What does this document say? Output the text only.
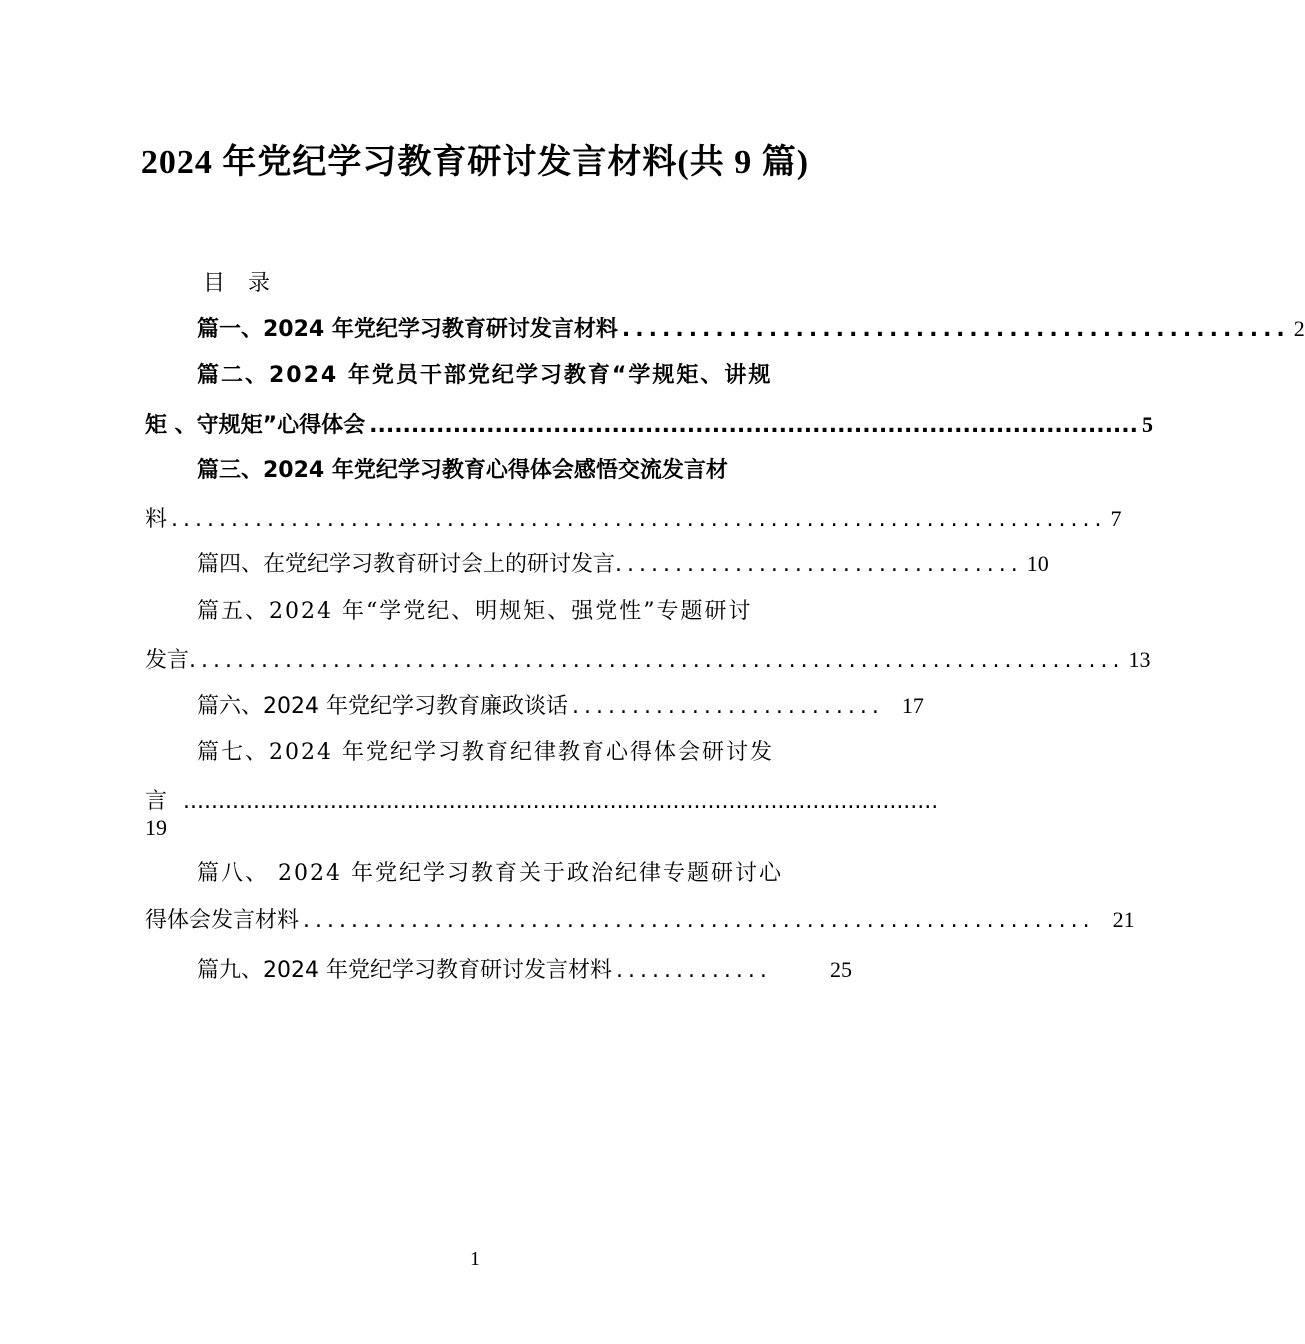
2024 年党纪学习教育研讨发言材料(共 9 篇)
目 录
篇一、2024 年党纪学习教育研讨发言材料 .................................................. 2
篇二、2024 年党员干部党纪学习教育“学规矩、讲规
矩 、守规矩”心得体会 ............................................................................................ 5
篇三、2024 年党纪学习教育心得体会感悟交流发言材
料 .............................................................................. 7
篇四、在党纪学习教育研讨会上的研讨发言 .................................. 10
篇五、2024 年“学党纪、明规矩、强党性”专题研讨
发言 .............................................................................. 13
篇六、2024 年党纪学习教育廉政谈话 .......................... 17
篇七、2024 年党纪学习教育纪律教育心得体会研讨发
言 ............................................................................................................
19
篇八、 2024 年党纪学习教育关于政治纪律专题研讨心
得体会发言材料 .................................................................. 21
篇九、2024 年党纪学习教育研讨发言材料 .............	25
1
